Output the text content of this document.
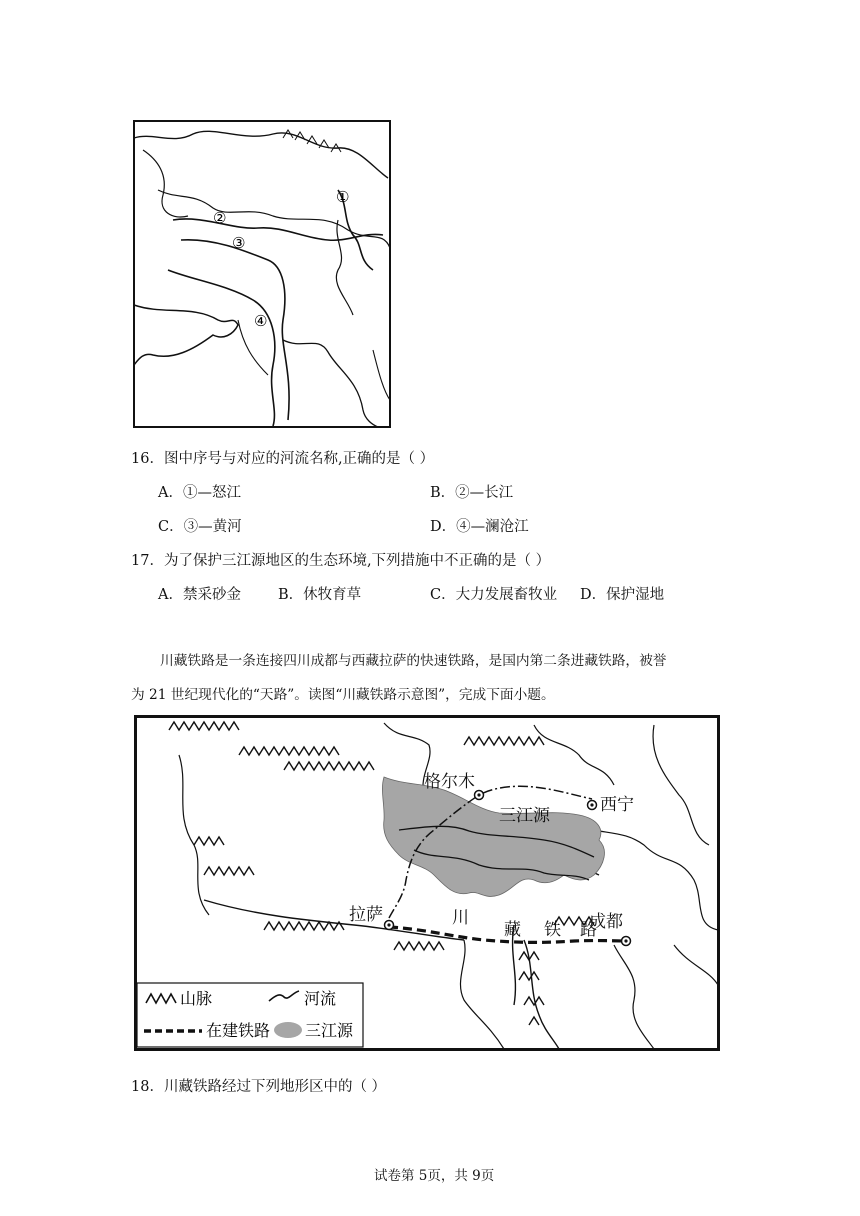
①
②
③
④
16．图中序号与对应的河流名称,正确的是（ ）
A．①—怒江	B．②—长江
C．③—黄河	D．④—澜沧江
17．为了保护三江源地区的生态环境,下列措施中不正确的是（ ）
A．禁采砂金	B．休牧育草	C．大力发展畜牧业 D．保护湿地
川藏铁路是一条连接四川成都与西藏拉萨的快速铁路，是国内第二条进藏铁路，被誉
为 21 世纪现代化的“天路”。读图“川藏铁路示意图”，完成下面小题。
格尔木
西宁
三江源
拉萨	成都
川
藏 铁 路
山脉	河流
在建铁路 三江源
18．川藏铁路经过下列地形区中的（ ）
试卷第 5页，共 9页
